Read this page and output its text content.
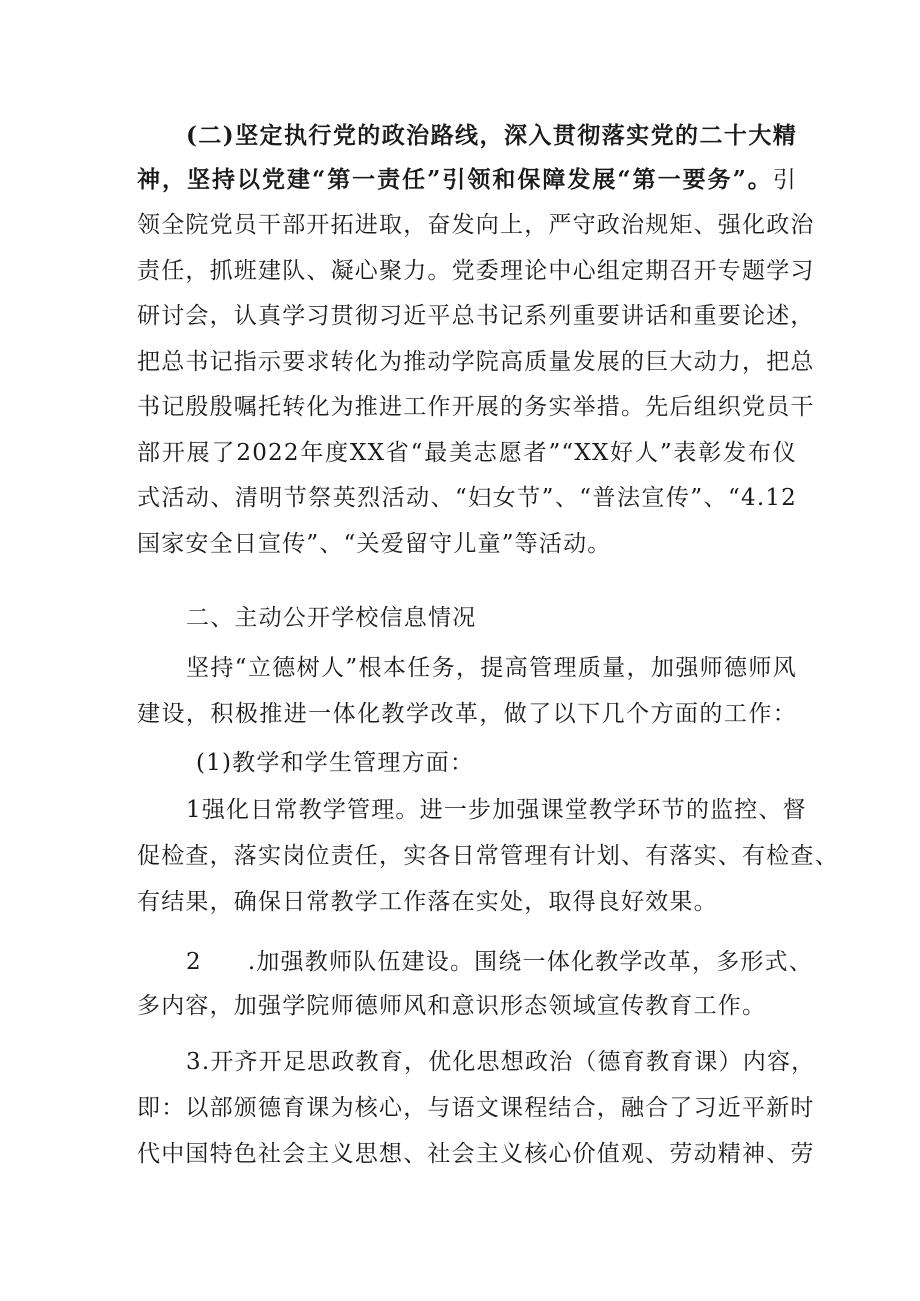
(二)坚定执行党的政治路线，深入贯彻落实党的二十大精
神，坚持以党建“第一责任”引领和保障发展“第一要务”。引
领全院党员干部开拓进取，奋发向上，严守政治规矩、强化政治
责任，抓班建队、凝心聚力。党委理论中心组定期召开专题学习
研讨会，认真学习贯彻习近平总书记系列重要讲话和重要论述，
把总书记指示要求转化为推动学院高质量发展的巨大动力，把总
书记殷殷嘱托转化为推进工作开展的务实举措。先后组织党员干
部开展了2022年度XX省“最美志愿者”“XX好人”表彰发布仪
式活动、清明节祭英烈活动、“妇女节”、“普法宣传”、“4.12
国家安全日宣传”、“关爱留守儿童”等活动。
二、主动公开学校信息情况
坚持“立德树人”根本任务，提高管理质量，加强师德师风
建设，积极推进一体化教学改革，做了以下几个方面的工作：
(1)教学和学生管理方面：
1强化日常教学管理。进一步加强课堂教学环节的监控、督
促检查，落实岗位责任，实各日常管理有计划、有落实、有检查、
有结果，确保日常教学工作落在实处，取得良好效果。
2 .加强教师队伍建设。围绕一体化教学改革，多形式、
多内容，加强学院师德师风和意识形态领域宣传教育工作。
3.开齐开足思政教育，优化思想政治（德育教育课）内容，
即：以部颁德育课为核心，与语文课程结合，融合了习近平新时
代中国特色社会主义思想、社会主义核心价值观、劳动精神、劳
